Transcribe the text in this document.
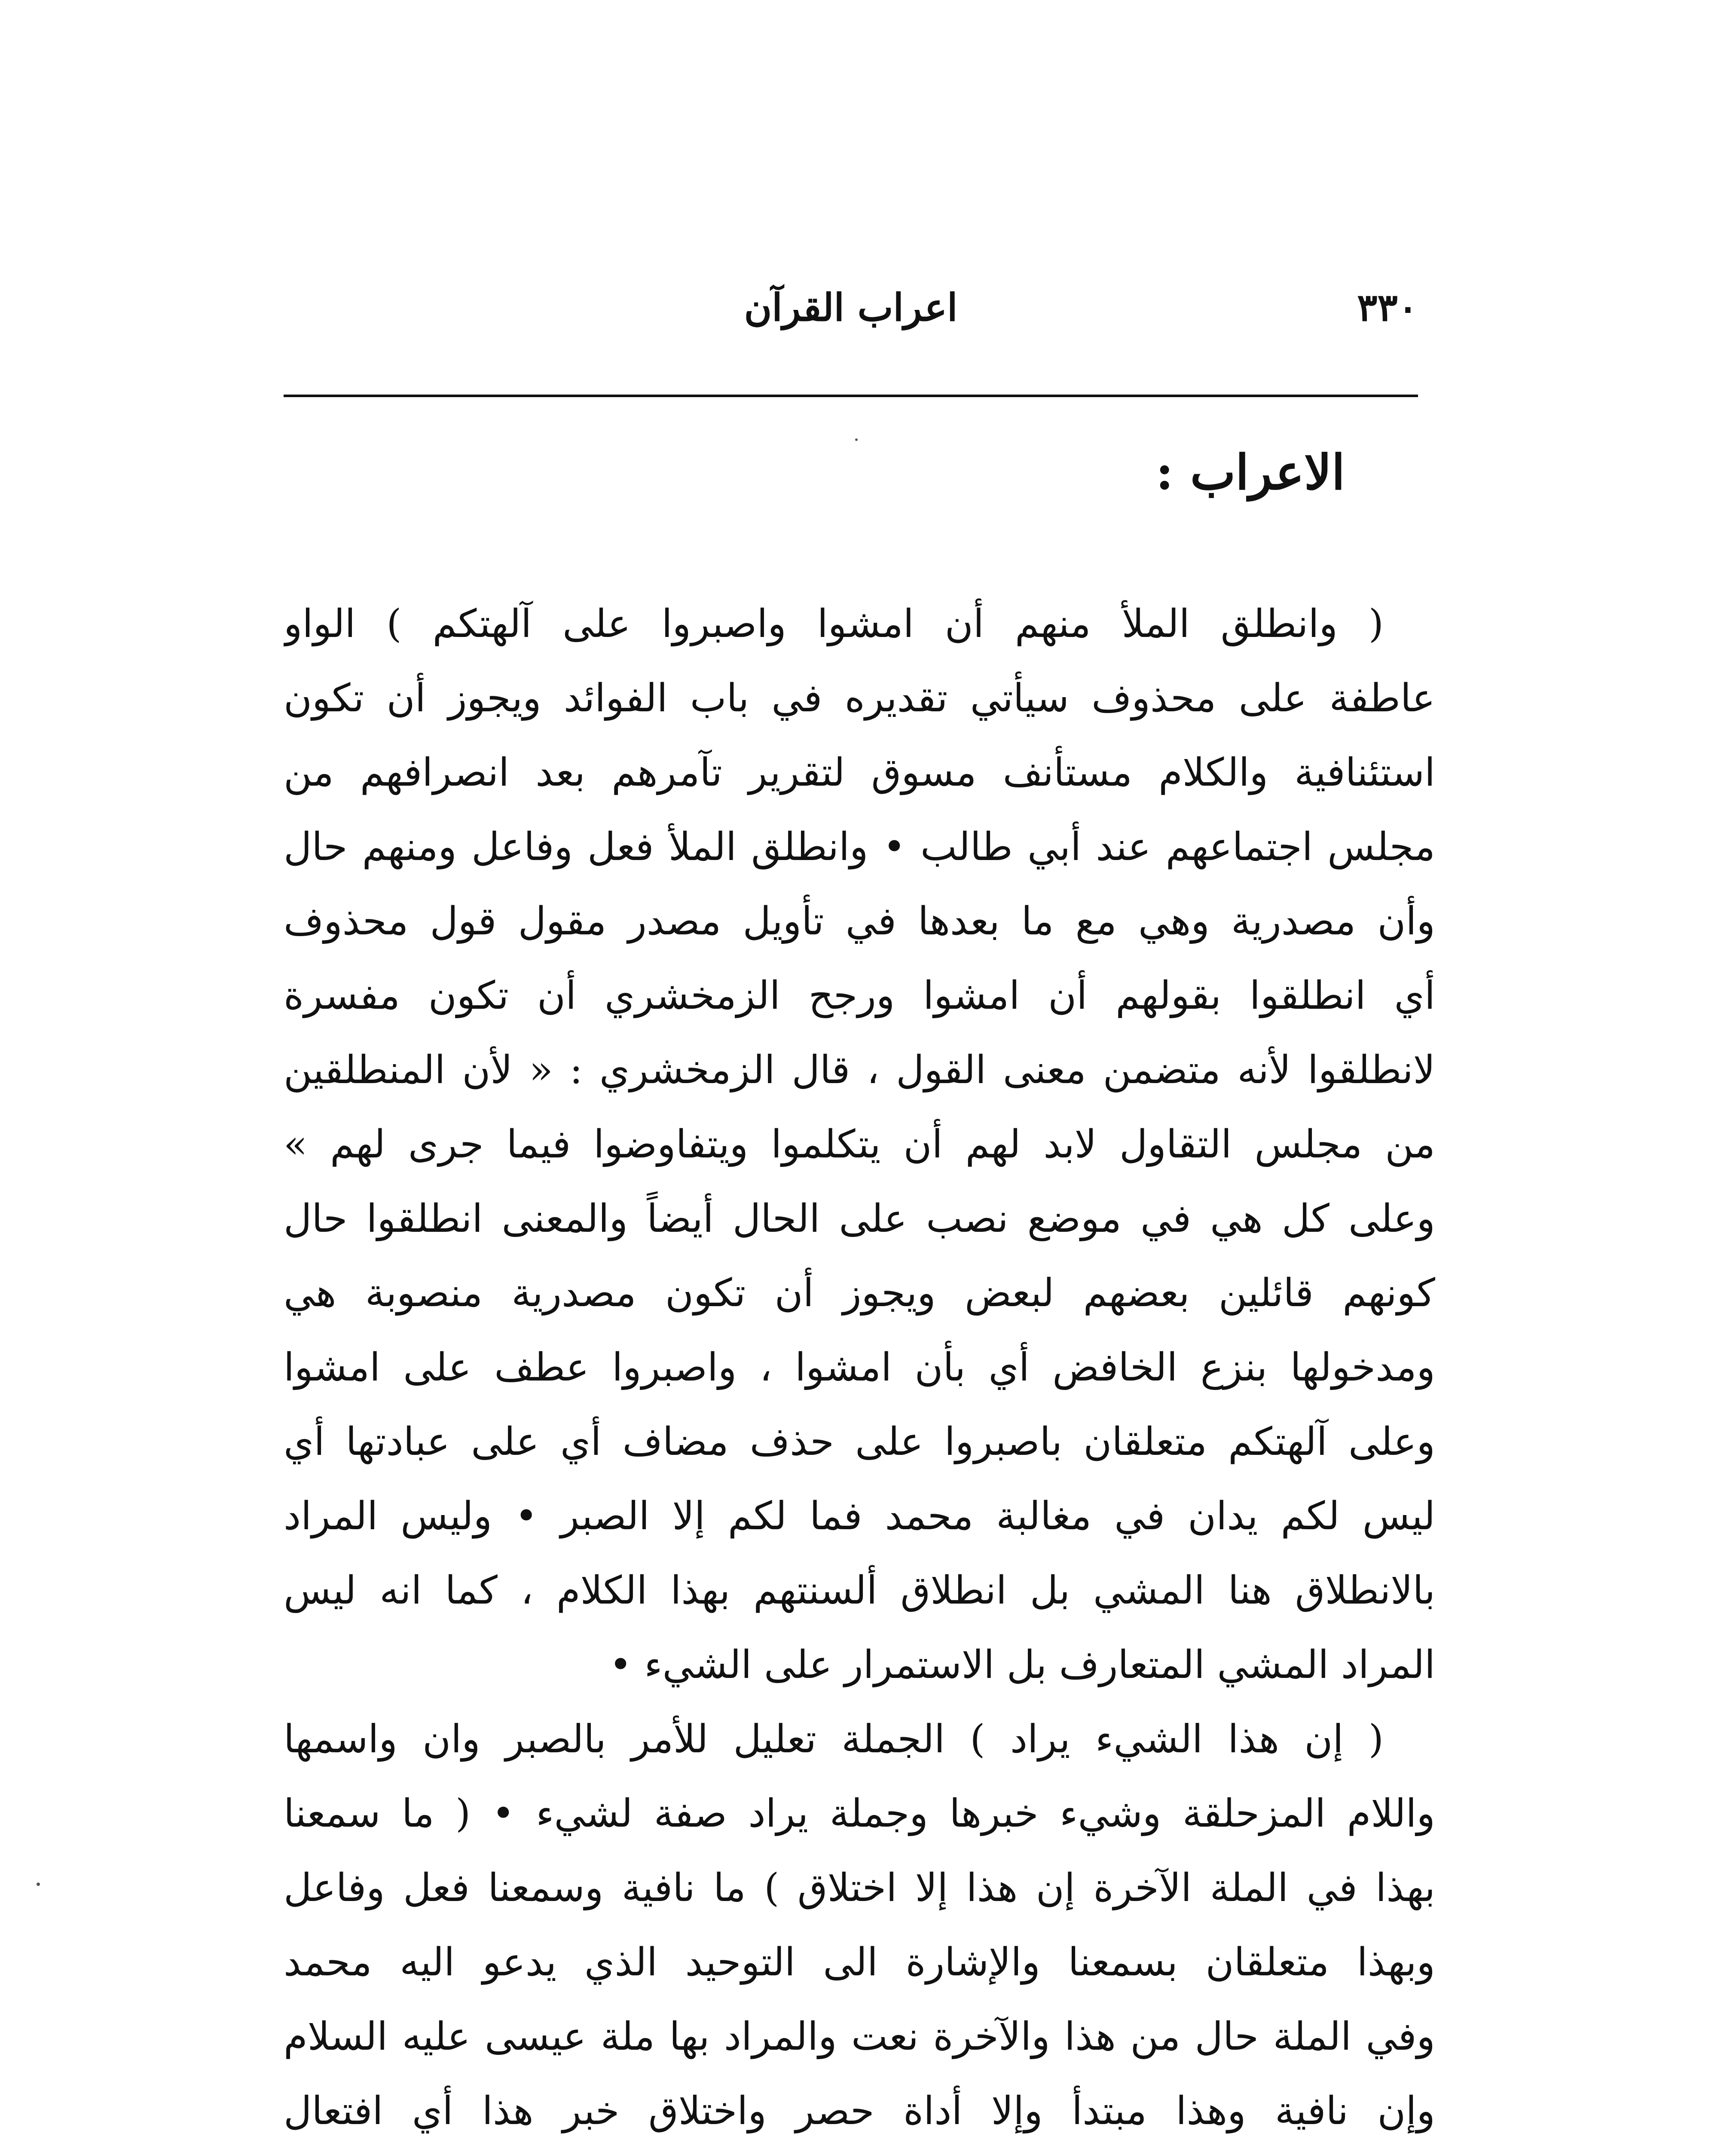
٣٣٠
اعراب القرآن
الاعراب :
( وانطلق الملأ منهم أن امشوا واصبروا على آلهتكم ) الواو
عاطفة على محذوف سيأتي تقديره في باب الفوائد ويجوز أن تكون
استئنافية والكلام مستأنف مسوق لتقرير تآمرهم بعد انصرافهم من
مجلس اجتماعهم عند أبي طالب • وانطلق الملأ فعل وفاعل ومنهم حال
وأن مصدرية وهي مع ما بعدها في تأويل مصدر مقول قول محذوف
أي انطلقوا بقولهم أن امشوا ورجح الزمخشري أن تكون مفسرة
لانطلقوا لأنه متضمن معنى القول ، قال الزمخشري : « لأن المنطلقين
من مجلس التقاول لابد لهم أن يتكلموا ويتفاوضوا فيما جرى لهم »
وعلى كل هي في موضع نصب على الحال أيضاً والمعنى انطلقوا حال
كونهم قائلين بعضهم لبعض ويجوز أن تكون مصدرية منصوبة هي
ومدخولها بنزع الخافض أي بأن امشوا ، واصبروا عطف على امشوا
وعلى آلهتكم متعلقان باصبروا على حذف مضاف أي على عبادتها أي
ليس لكم يدان في مغالبة محمد فما لكم إلا الصبر • وليس المراد
بالانطلاق هنا المشي بل انطلاق ألسنتهم بهذا الكلام ، كما انه ليس
المراد المشي المتعارف بل الاستمرار على الشيء •
( إن هذا الشيء يراد ) الجملة تعليل للأمر بالصبر وان واسمها
واللام المزحلقة وشيء خبرها وجملة يراد صفة لشيء • ( ما سمعنا
بهذا في الملة الآخرة إن هذا إلا اختلاق ) ما نافية وسمعنا فعل وفاعل
وبهذا متعلقان بسمعنا والإشارة الى التوحيد الذي يدعو اليه محمد
وفي الملة حال من هذا والآخرة نعت والمراد بها ملة عيسى عليه السلام
وإن نافية وهذا مبتدأ وإلا أداة حصر واختلاق خبر هذا أي افتعال
